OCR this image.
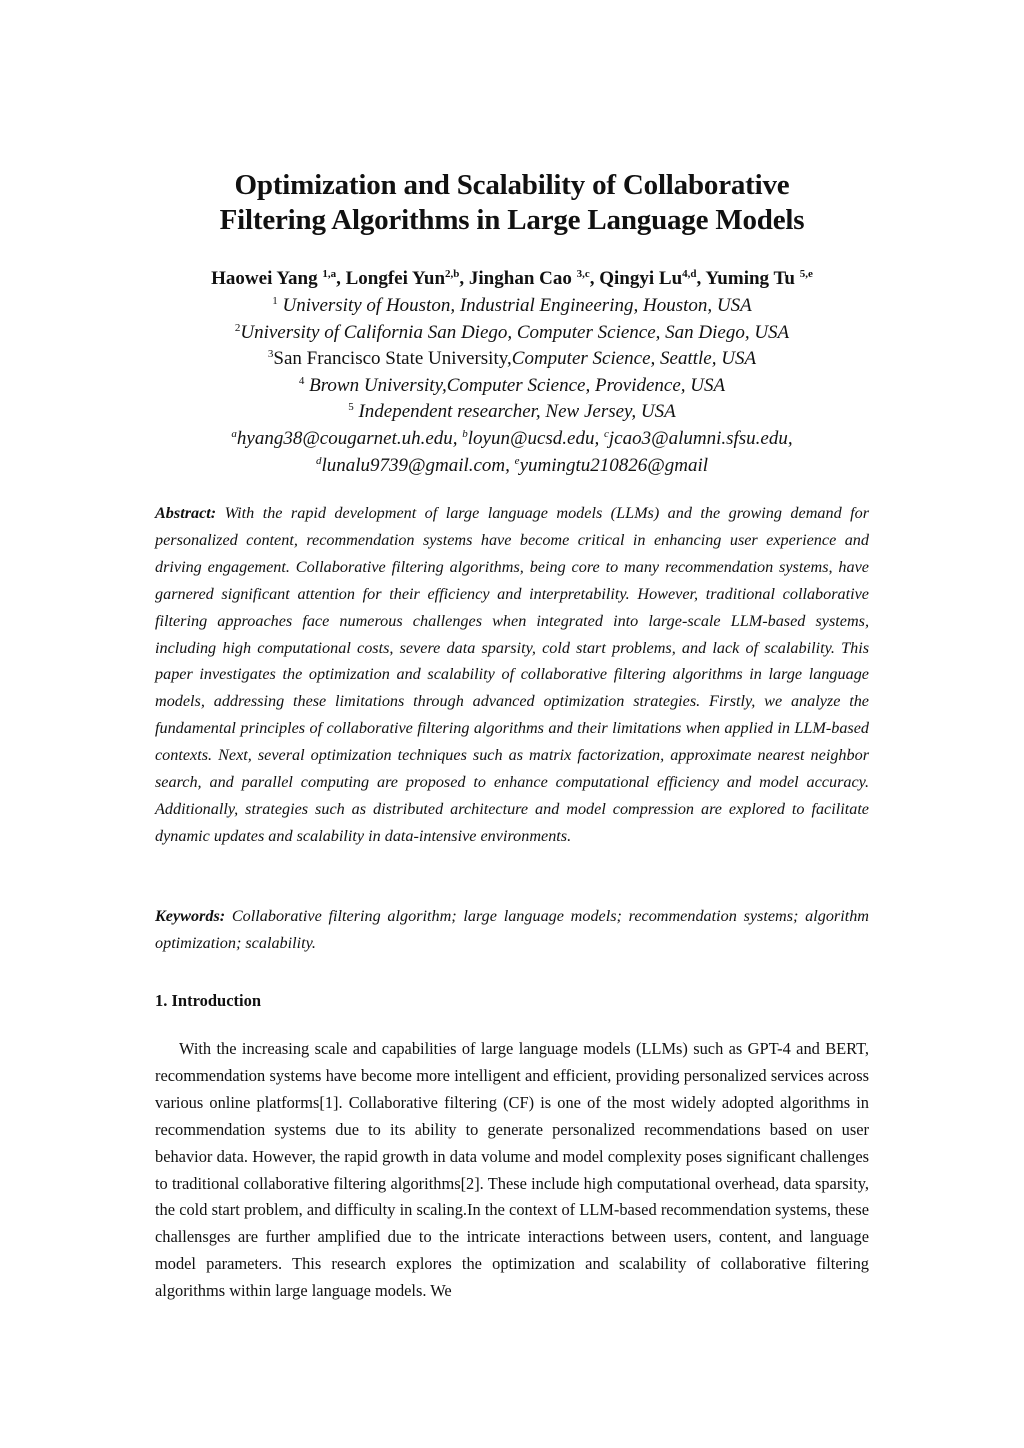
Optimization and Scalability of Collaborative
Filtering Algorithms in Large Language Models
Haowei Yang $^{1,a}$, Longfei Yun$^{2,b}$, Jinghan Cao $^{3,c}$, Qingyi Lu$^{4,d}$, Yuming Tu $^{5,e}$
$^1$ University of Houston, Industrial Engineering, Houston, USA
$^2$University of California San Diego, Computer Science, San Diego, USA
$^3$San Francisco State University,Computer Science, Seattle, USA
$^4$ Brown University,Computer Science, Providence, USA
$^5$ Independent researcher, New Jersey, USA
$^a$hyang38@cougarnet.uh.edu, $^b$loyun@ucsd.edu, $^c$jcao3@alumni.sfsu.edu,
$^d$lunalu9739@gmail.com, $^e$yumingtu210826@gmail

Abstract: With the rapid development of large language models (LLMs) and the growing demand for personalized content, recommendation systems have become critical in enhancing user experience and driving engagement. Collaborative filtering algorithms, being core to many recommendation systems, have garnered significant attention for their efficiency and interpretability. However, traditional collaborative filtering approaches face numerous challenges when integrated into large-scale LLM-based systems, including high computational costs, severe data sparsity, cold start problems, and lack of scalability. This paper investigates the optimization and scalability of collaborative filtering algorithms in large language models, addressing these limitations through advanced optimization strategies. Firstly, we analyze the fundamental principles of collaborative filtering algorithms and their limitations when applied in LLM-based contexts. Next, several optimization techniques such as matrix factorization, approximate nearest neighbor search, and parallel computing are proposed to enhance computational efficiency and model accuracy. Additionally, strategies such as distributed architecture and model compression are explored to facilitate dynamic updates and scalability in data-intensive environments.

Keywords: Collaborative filtering algorithm; large language models; recommendation systems; algorithm optimization; scalability.

1. Introduction

With the increasing scale and capabilities of large language models (LLMs) such as GPT-4 and BERT, recommendation systems have become more intelligent and efficient, providing personalized services across various online platforms[1]. Collaborative filtering (CF) is one of the most widely adopted algorithms in recommendation systems due to its ability to generate personalized recommendations based on user behavior data. However, the rapid growth in data volume and model complexity poses significant challenges to traditional collaborative filtering algorithms[2]. These include high computational overhead, data sparsity, the cold start problem, and difficulty in scaling.In the context of LLM-based recommendation systems, these challensges are further amplified due to the intricate interactions between users, content, and language model parameters. This research explores the optimization and scalability of collaborative filtering algorithms within large language models. We
